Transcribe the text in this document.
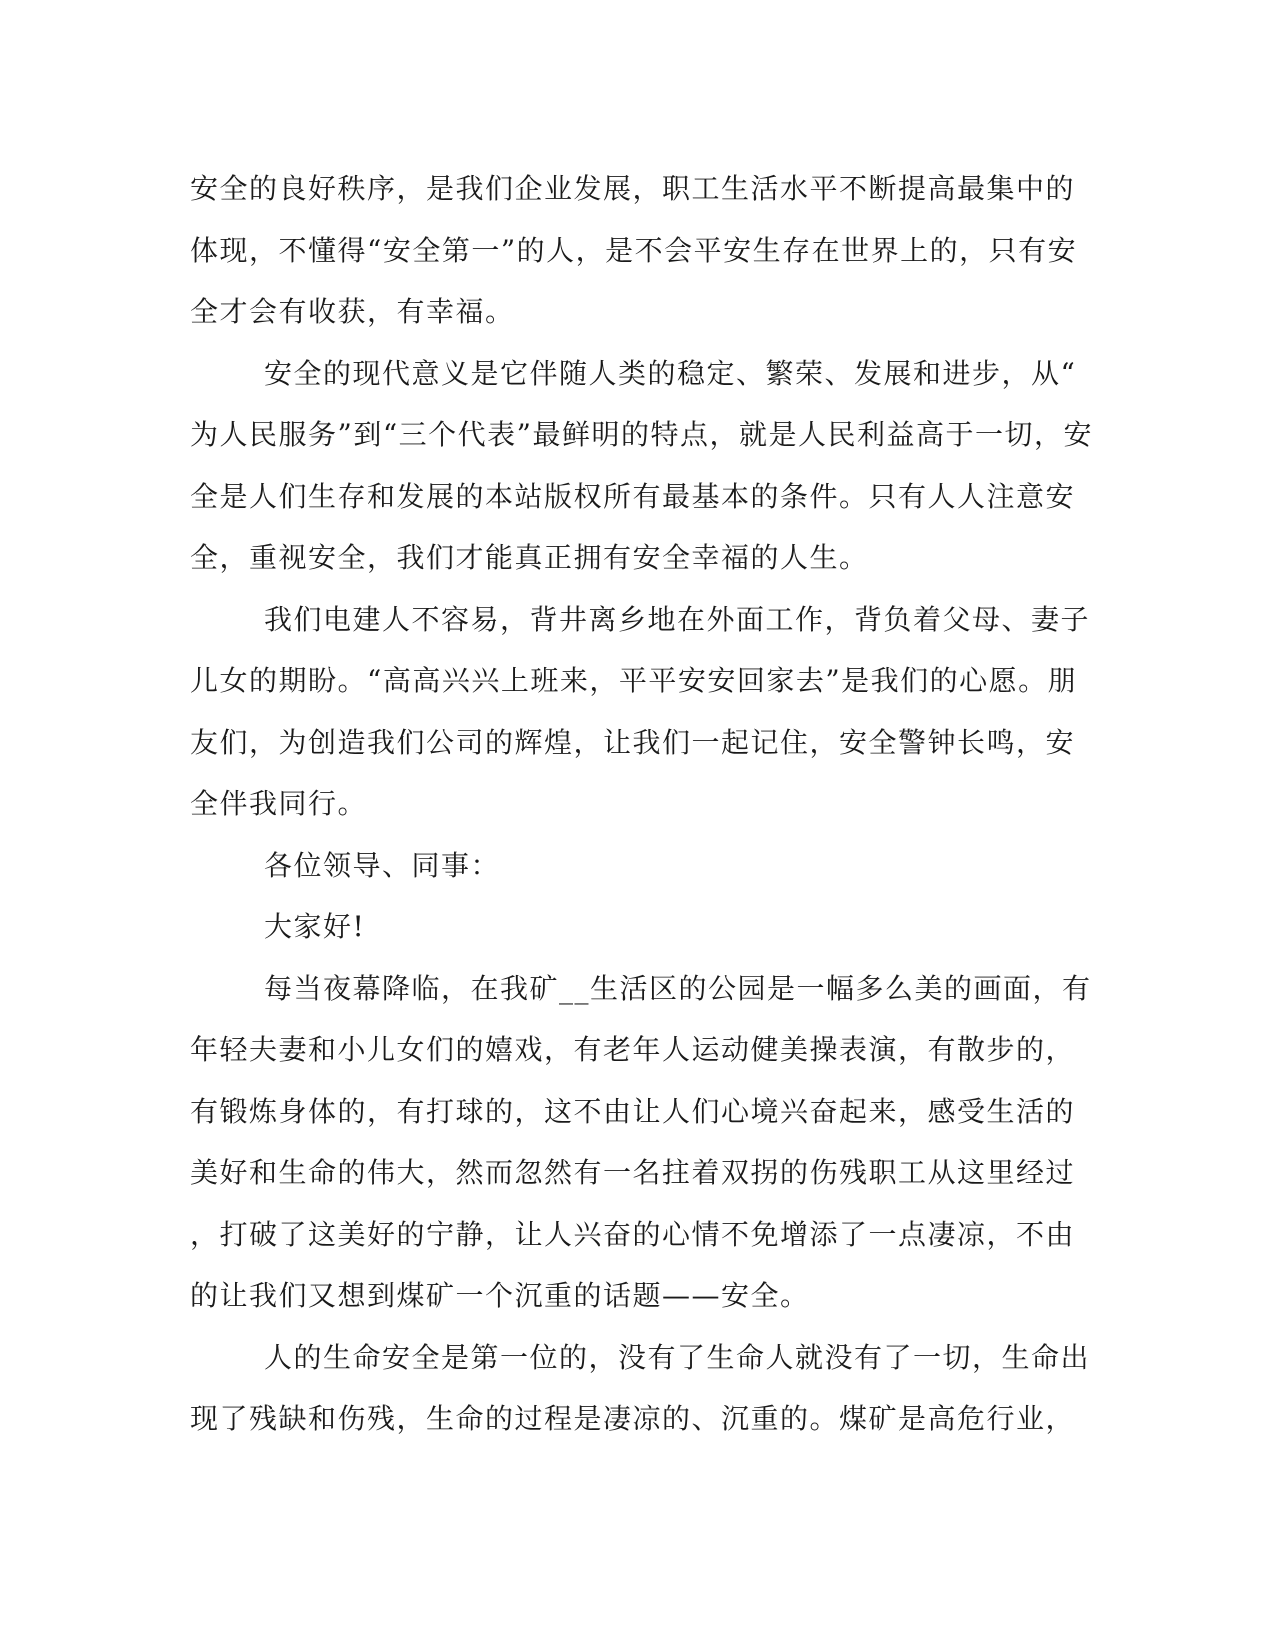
安全的良好秩序，是我们企业发展，职工生活水平不断提高最集中的
体现，不懂得“安全第一”的人，是不会平安生存在世界上的，只有安
全才会有收获，有幸福。
安全的现代意义是它伴随人类的稳定、繁荣、发展和进步，从“
为人民服务”到“三个代表”最鲜明的特点，就是人民利益高于一切，安
全是人们生存和发展的本站版权所有最基本的条件。只有人人注意安
全，重视安全，我们才能真正拥有安全幸福的人生。
我们电建人不容易，背井离乡地在外面工作，背负着父母、妻子
儿女的期盼。“高高兴兴上班来，平平安安回家去”是我们的心愿。朋
友们，为创造我们公司的辉煌，让我们一起记住，安全警钟长鸣，安
全伴我同行。
各位领导、同事：
大家好!
每当夜幕降临，在我矿__生活区的公园是一幅多么美的画面，有
年轻夫妻和小儿女们的嬉戏，有老年人运动健美操表演，有散步的，
有锻炼身体的，有打球的，这不由让人们心境兴奋起来，感受生活的
美好和生命的伟大，然而忽然有一名拄着双拐的伤残职工从这里经过
，打破了这美好的宁静，让人兴奋的心情不免增添了一点凄凉，不由
的让我们又想到煤矿一个沉重的话题——安全。
人的生命安全是第一位的，没有了生命人就没有了一切，生命出
现了残缺和伤残，生命的过程是凄凉的、沉重的。煤矿是高危行业，
